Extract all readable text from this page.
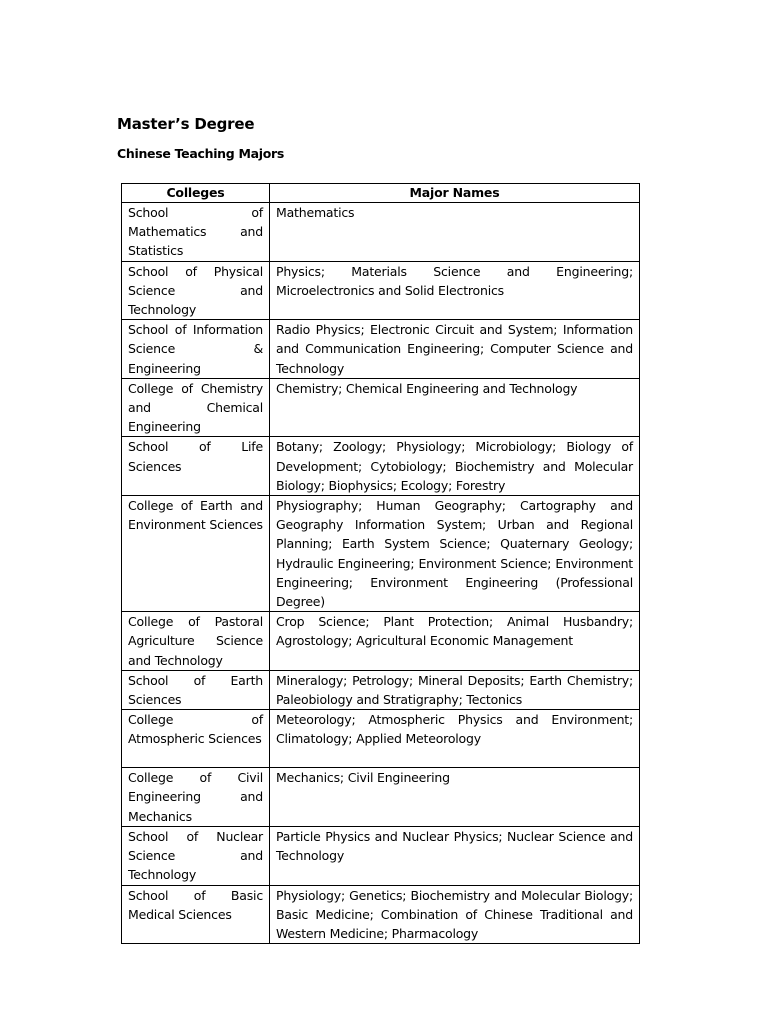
Master’s Degree
Chinese Teaching Majors
Colleges	Major Names
School of Mathematics and Statistics	Mathematics
School of Physical Science and Technology	Physics; Materials Science and Engineering; Microelectronics and Solid Electronics
School of Information Science & Engineering	Radio Physics; Electronic Circuit and System; Information and Communication Engineering; Computer Science and Technology
College of Chemistry and Chemical Engineering	Chemistry; Chemical Engineering and Technology
School of Life Sciences	Botany; Zoology; Physiology; Microbiology; Biology of Development; Cytobiology; Biochemistry and Molecular Biology; Biophysics; Ecology; Forestry
College of Earth and Environment Sciences	Physiography; Human Geography; Cartography and Geography Information System; Urban and Regional Planning; Earth System Science; Quaternary Geology; Hydraulic Engineering; Environment Science; Environment Engineering; Environment Engineering (Professional Degree)
College of Pastoral Agriculture Science and Technology	Crop Science; Plant Protection; Animal Husbandry; Agrostology; Agricultural Economic Management
School of Earth Sciences	Mineralogy; Petrology; Mineral Deposits; Earth Chemistry; Paleobiology and Stratigraphy; Tectonics
College of Atmospheric Sciences	Meteorology; Atmospheric Physics and Environment; Climatology; Applied Meteorology
College of Civil Engineering and Mechanics	Mechanics; Civil Engineering
School of Nuclear Science and Technology	Particle Physics and Nuclear Physics; Nuclear Science and Technology
School of Basic Medical Sciences	Physiology; Genetics; Biochemistry and Molecular Biology; Basic Medicine; Combination of Chinese Traditional and Western Medicine; Pharmacology
